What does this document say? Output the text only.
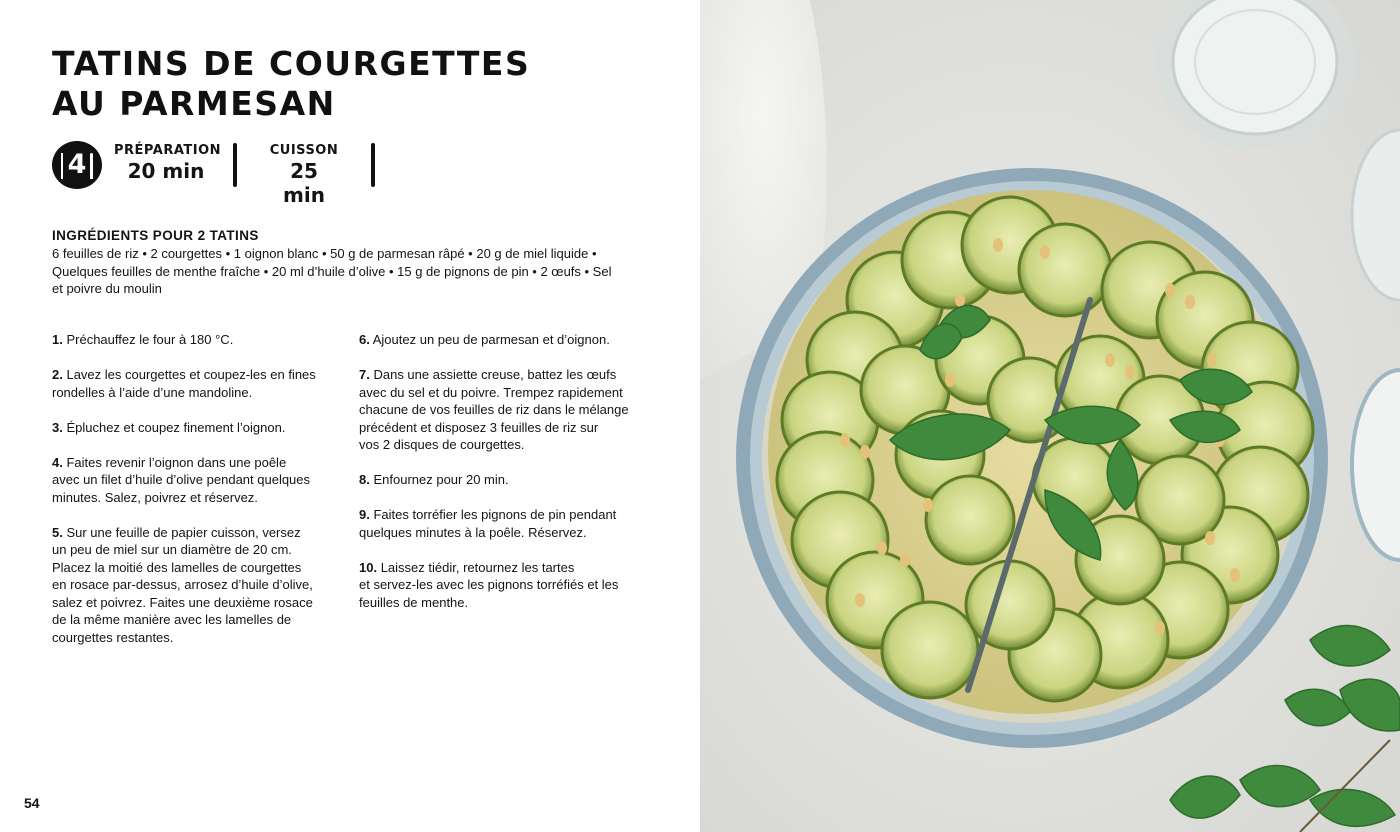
TATINS DE COURGETTES
AU PARMESAN
4	PRÉPARATION
20 min
CUISSON
25 min
INGRÉDIENTS POUR 2 TATINS
6 feuilles de riz • 2 courgettes • 1 oignon blanc • 50 g de parmesan râpé • 20 g de miel liquide •
Quelques feuilles de menthe fraîche • 20 ml d’huile d’olive • 15 g de pignons de pin • 2 œufs • Sel
et poivre du moulin
1. Préchauffez le four à 180 °C.
2. Lavez les courgettes et coupez-les en fines
rondelles à l’aide d’une mandoline.
3. Épluchez et coupez finement l’oignon.
4. Faites revenir l’oignon dans une poêle
avec un filet d’huile d’olive pendant quelques
minutes. Salez, poivrez et réservez.
5. Sur une feuille de papier cuisson, versez
un peu de miel sur un diamètre de 20 cm.
Placez la moitié des lamelles de courgettes
en rosace par-dessus, arrosez d’huile d’olive,
salez et poivrez. Faites une deuxième rosace
de la même manière avec les lamelles de
courgettes restantes.
6. Ajoutez un peu de parmesan et d’oignon.
7. Dans une assiette creuse, battez les œufs
avec du sel et du poivre. Trempez rapidement
chacune de vos feuilles de riz dans le mélange
précédent et disposez 3 feuilles de riz sur
vos 2 disques de courgettes.
8. Enfournez pour 20 min.
9. Faites torréfier les pignons de pin pendant
quelques minutes à la poêle. Réservez.
10. Laissez tiédir, retournez les tartes
et servez-les avec les pignons torréfiés et les
feuilles de menthe.
54
